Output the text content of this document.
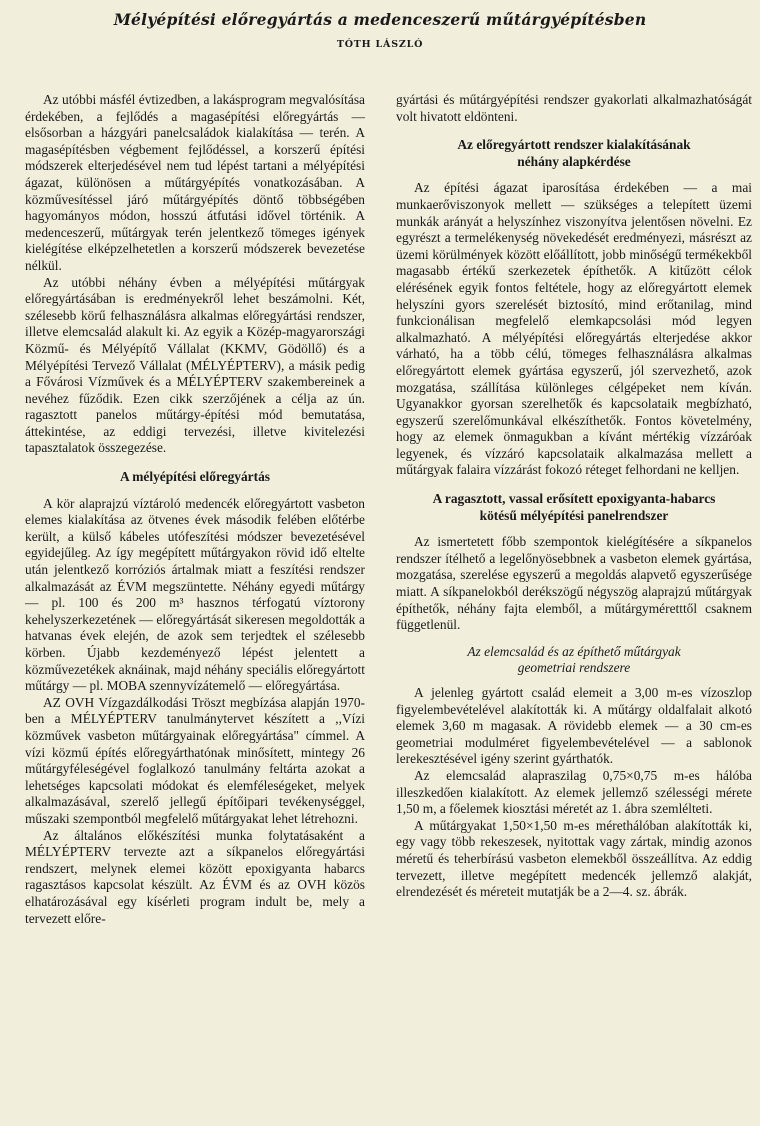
Mélyépítési előregyártás a medenceszerű műtárgyépítésben
TÓTH LÁSZLÓ

Az utóbbi másfél évtizedben, a lakásprogram megvalósítása érdekében, a fejlődés a magasépítési előregyártás — elsősorban a házgyári panelcsaládok kialakítása — terén. A magasépítésben végbement fejlődéssel, a korszerű építési módszerek elterjedésével nem tud lépést tartani a mélyépítési ágazat, különösen a műtárgyépítés vonatkozásában. A közművesítéssel járó műtárgyépítés döntő többségében hagyományos módon, hosszú átfutási idővel történik. A medenceszerű, műtárgyak terén jelentkező tömeges igények kielégítése elképzelhetetlen a korszerű módszerek bevezetése nélkül.

Az utóbbi néhány évben a mélyépítési műtárgyak előregyártásában is eredményekről lehet beszámolni. Két, szélesebb körű felhasználásra alkalmas előregyártási rendszer, illetve elemcsalád alakult ki. Az egyik a Közép-magyarországi Közmű- és Mélyépítő Vállalat (KKMV, Gödöllő) és a Mélyépítési Tervező Vállalat (MÉLYÉPTERV), a másik pedig a Fővárosi Vízművek és a MÉLYÉPTERV szakembereinek a nevéhez fűződik. Ezen cikk szerzőjének a célja az ún. ragasztott panelos műtárgy-építési mód bemutatása, áttekintése, az eddigi tervezési, illetve kivitelezési tapasztalatok összegezése.

A mélyépítési előregyártás

A kör alaprajzú víztároló medencék előregyártott vasbeton elemes kialakítása az ötvenes évek második felében előtérbe került, a külső kábeles utófeszítési módszer bevezetésével egyidejűleg. Az így megépített műtárgyakon rövid idő eltelte után jelentkező korróziós ártalmak miatt a feszítési rendszer alkalmazását az ÉVM megszüntette. Néhány egyedi műtárgy — pl. 100 és 200 m³ hasznos térfogatú víztorony kehelyszerkezetének — előregyártását sikeresen megoldották a hatvanas évek elején, de azok sem terjedtek el szélesebb körben. Újabb kezdeményező lépést jelentett a közművezetékek aknáinak, majd néhány speciális előregyártott műtárgy — pl. MOBA szennyvízátemelő — előregyártása.

AZ OVH Vízgazdálkodási Tröszt megbízása alapján 1970-ben a MÉLYÉPTERV tanulmánytervet készített a ,,Vízi közművek vasbeton műtárgyainak előregyártása" címmel. A vízi közmű építés előregyárthatónak minősített, mintegy 26 műtárgyféleségével foglalkozó tanulmány feltárta azokat a lehetséges kapcsolati módokat és elemféleségeket, melyek alkalmazásával, szerelő jellegű építőipari tevékenységgel, műszaki szempontból megfelelő műtárgyakat lehet létrehozni.

Az általános előkészítési munka folytatásaként a MÉLYÉPTERV tervezte azt a síkpanelos előregyártási rendszert, melynek elemei között epoxigyanta habarcs ragasztásos kapcsolat készült. Az ÉVM és az OVH közös elhatározásával egy kísérleti program indult be, mely a tervezett előre-

gyártási és műtárgyépítési rendszer gyakorlati alkalmazhatóságát volt hivatott eldönteni.

Az előregyártott rendszer kialakításának
néhány alapkérdése

Az építési ágazat iparosítása érdekében — a mai munkaerőviszonyok mellett — szükséges a telepített üzemi munkák arányát a helyszínhez viszonyítva jelentősen növelni. Ez egyrészt a termelékenység növekedését eredményezi, másrészt az üzemi körülmények között előállított, jobb minőségű termékekből magasabb értékű szerkezetek építhetők. A kitűzött célok elérésének egyik fontos feltétele, hogy az előregyártott elemek helyszíni gyors szerelését biztosító, mind erőtanilag, mind funkcionálisan megfelelő elemkapcsolási mód legyen alkalmazható. A mélyépítési előregyártás elterjedése akkor várható, ha a több célú, tömeges felhasználásra alkalmas előregyártott elemek gyártása egyszerű, jól szervezhető, azok mozgatása, szállítása különleges célgépeket nem kíván. Ugyanakkor gyorsan szerelhetők és kapcsolataik megbízható, egyszerű szerelőmunkával elkészíthetők. Fontos követelmény, hogy az elemek önmagukban a kívánt mértékig vízzáróak legyenek, és vízzáró kapcsolataik alkalmazása mellett a műtárgyak falaira vízzárást fokozó réteget felhordani ne kelljen.

A ragasztott, vassal erősített epoxigyanta-habarcs
kötésű mélyépítési panelrendszer

Az ismertetett főbb szempontok kielégítésére a síkpanelos rendszer ítélhető a legelőnyösebbnek a vasbeton elemek gyártása, mozgatása, szerelése egyszerű a megoldás alapvető egyszerűsége miatt. A síkpanelokból derékszögű négyszög alaprajzú műtárgyak építhetők, néhány fajta elemből, a műtárgyméretttől csaknem függetlenül.

Az elemcsalád és az építhető műtárgyak
geometriai rendszere

A jelenleg gyártott család elemeit a 3,00 m-es vízoszlop figyelembevételével alakították ki. A műtárgy oldalfalait alkotó elemek 3,60 m magasak. A rövidebb elemek — a 30 cm-es geometriai modulméret figyelembevételével — a sablonok lerekesztésével igény szerint gyárthatók.

Az elemcsalád alapraszilag 0,75×0,75 m-es hálóba illeszkedően kialakított. Az elemek jellemző szélességi mérete 1,50 m, a főelemek kiosztási méretét az 1. ábra szemlélteti.

A műtárgyakat 1,50×1,50 m-es mérethálóban alakították ki, egy vagy több rekeszesek, nyitottak vagy zártak, mindig azonos méretű és teherbírású vasbeton elemekből összeállítva. Az eddig tervezett, illetve megépített medencék jellemző alakját, elrendezését és méreteit mutatják be a 2—4. sz. ábrák.
